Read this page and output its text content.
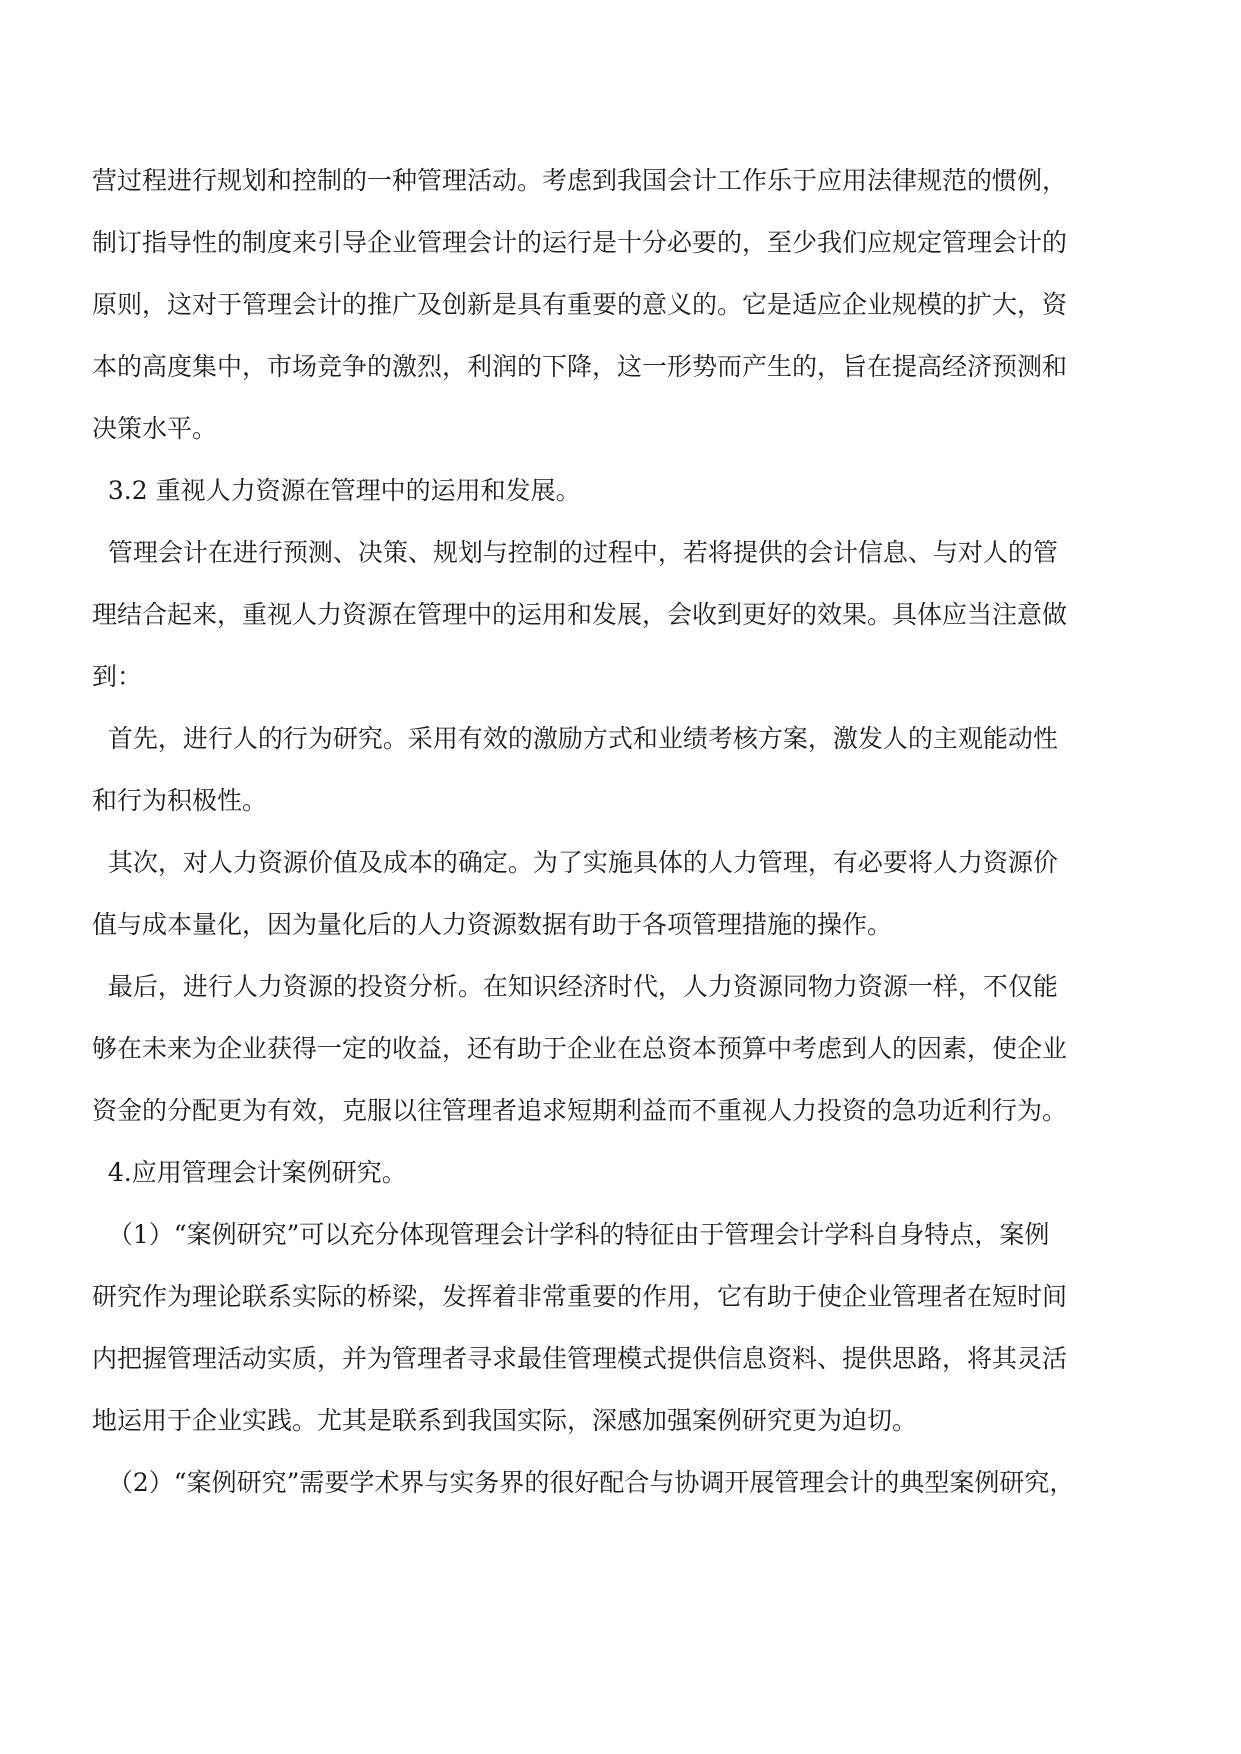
营过程进行规划和控制的一种管理活动。考虑到我国会计工作乐于应用法律规范的惯例，

制订指导性的制度来引导企业管理会计的运行是十分必要的，至少我们应规定管理会计的

原则，这对于管理会计的推广及创新是具有重要的意义的。它是适应企业规模的扩大，资

本的高度集中，市场竞争的激烈，利润的下降，这一形势而产生的，旨在提高经济预测和

决策水平。

3.2 重视人力资源在管理中的运用和发展。

管理会计在进行预测、决策、规划与控制的过程中，若将提供的会计信息、与对人的管

理结合起来，重视人力资源在管理中的运用和发展，会收到更好的效果。具体应当注意做

到：

首先，进行人的行为研究。采用有效的激励方式和业绩考核方案，激发人的主观能动性

和行为积极性。

其次，对人力资源价值及成本的确定。为了实施具体的人力管理，有必要将人力资源价

值与成本量化，因为量化后的人力资源数据有助于各项管理措施的操作。

最后，进行人力资源的投资分析。在知识经济时代，人力资源同物力资源一样，不仅能

够在未来为企业获得一定的收益，还有助于企业在总资本预算中考虑到人的因素，使企业

资金的分配更为有效，克服以往管理者追求短期利益而不重视人力投资的急功近利行为。

4.应用管理会计案例研究。

（1）“案例研究”可以充分体现管理会计学科的特征由于管理会计学科自身特点，案例

研究作为理论联系实际的桥梁，发挥着非常重要的作用，它有助于使企业管理者在短时间

内把握管理活动实质，并为管理者寻求最佳管理模式提供信息资料、提供思路，将其灵活

地运用于企业实践。尤其是联系到我国实际，深感加强案例研究更为迫切。

（2）“案例研究”需要学术界与实务界的很好配合与协调开展管理会计的典型案例研究，
